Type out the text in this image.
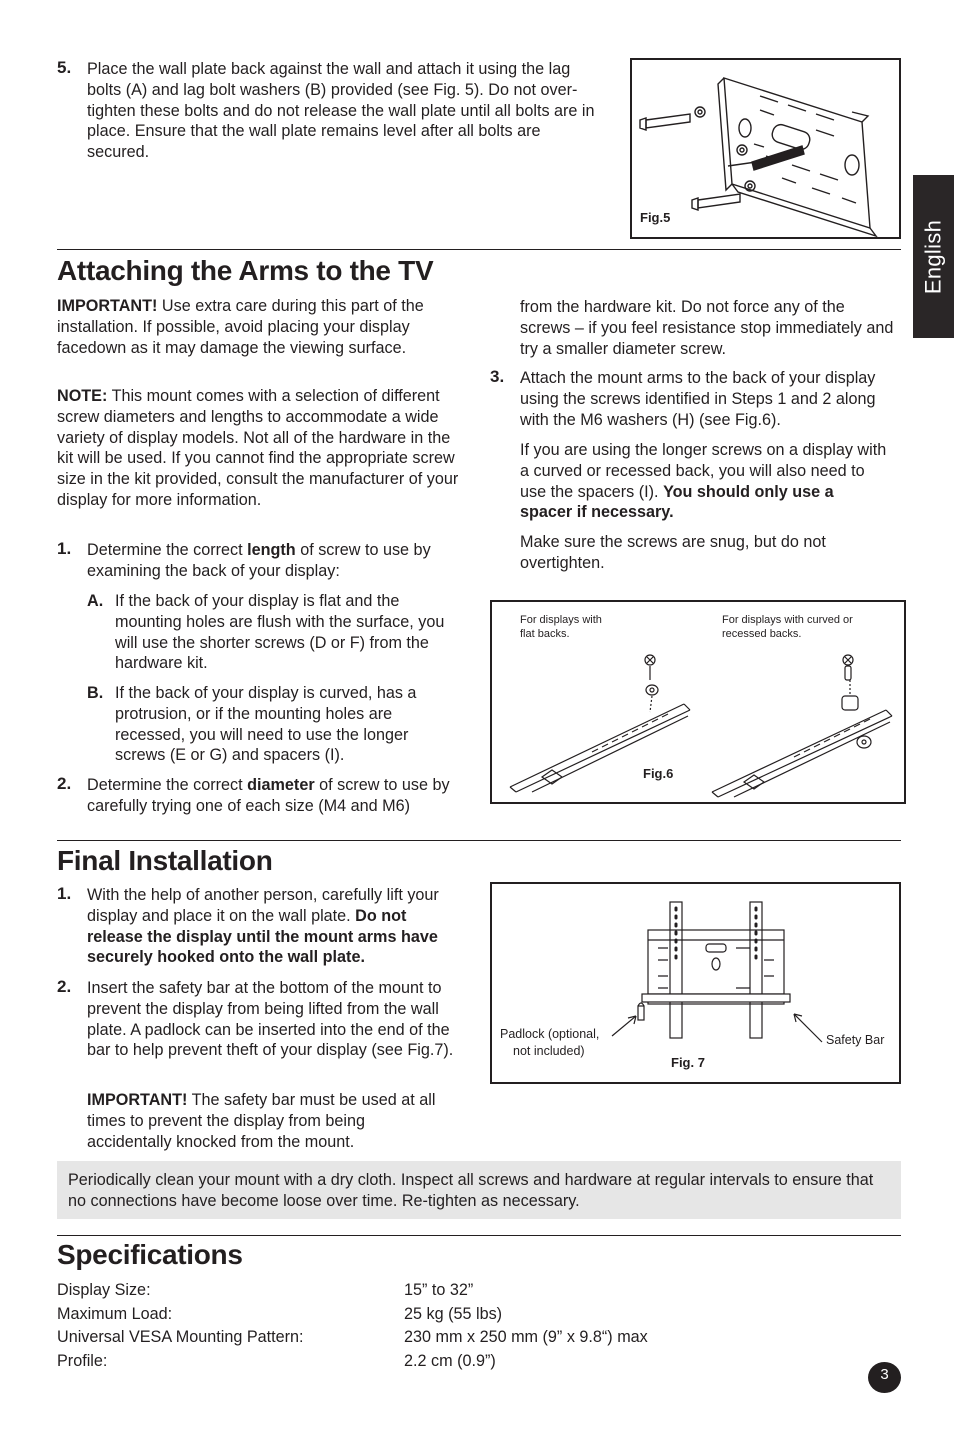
English
5. Place the wall plate back against the wall and attach it using the lag bolts (A) and lag bolt washers (B) provided (see Fig. 5). Do not over-tighten these bolts and do not release the wall plate until all bolts are in place. Ensure that the wall plate remains level after all bolts are secured.

Fig.5
Attaching the Arms to the TV

IMPORTANT! Use extra care during this part of the installation. If possible, avoid placing your display facedown as it may damage the viewing surface.

NOTE: This mount comes with a selection of different screw diameters and lengths to accommodate a wide variety of display models. Not all of the hardware in the kit will be used. If you cannot find the appropriate screw size in the kit provided, consult the manufacturer of your display for more information.

1. Determine the correct length of screw to use by examining the back of your display:

A. If the back of your display is flat and the mounting holes are flush with the surface, you will use the shorter screws (D or F) from the hardware kit.

B. If the back of your display is curved, has a protrusion, or if the mounting holes are recessed, you will need to use the longer screws (E or G) and spacers (I).

2. Determine the correct diameter of screw to use by carefully trying one of each size (M4 and M6)

from the hardware kit. Do not force any of the screws – if you feel resistance stop immediately and try a smaller diameter screw.

3. Attach the mount arms to the back of your display using the screws identified in Steps 1 and 2 along with the M6 washers (H) (see Fig.6).

If you are using the longer screws on a display with a curved or recessed back, you will also need to use the spacers (I). You should only use a spacer if necessary.

Make sure the screws are snug, but do not overtighten.

For displays with
flat backs.
For displays with curved or
recessed backs.
Fig.6
Final Installation
1. With the help of another person, carefully lift your display and place it on the wall plate. Do not release the display until the mount arms have securely hooked onto the wall plate.

2. Insert the safety bar at the bottom of the mount to prevent the display from being lifted from the wall plate. A padlock can be inserted into the end of the bar to help prevent theft of your display (see Fig.7).

IMPORTANT! The safety bar must be used at all times to prevent the display from being accidentally knocked from the mount.

Padlock (optional,
not included)
Safety Bar
Fig. 7

Periodically clean your mount with a dry cloth. Inspect all screws and hardware at regular intervals to ensure that no connections have become loose over time. Re-tighten as necessary.

Specifications
Display Size:	15” to 32”
Maximum Load:	25 kg (55 lbs)
Universal VESA Mounting Pattern:	230 mm x 250 mm (9” x 9.8“) max
Profile:	2.2 cm (0.9”)
3
